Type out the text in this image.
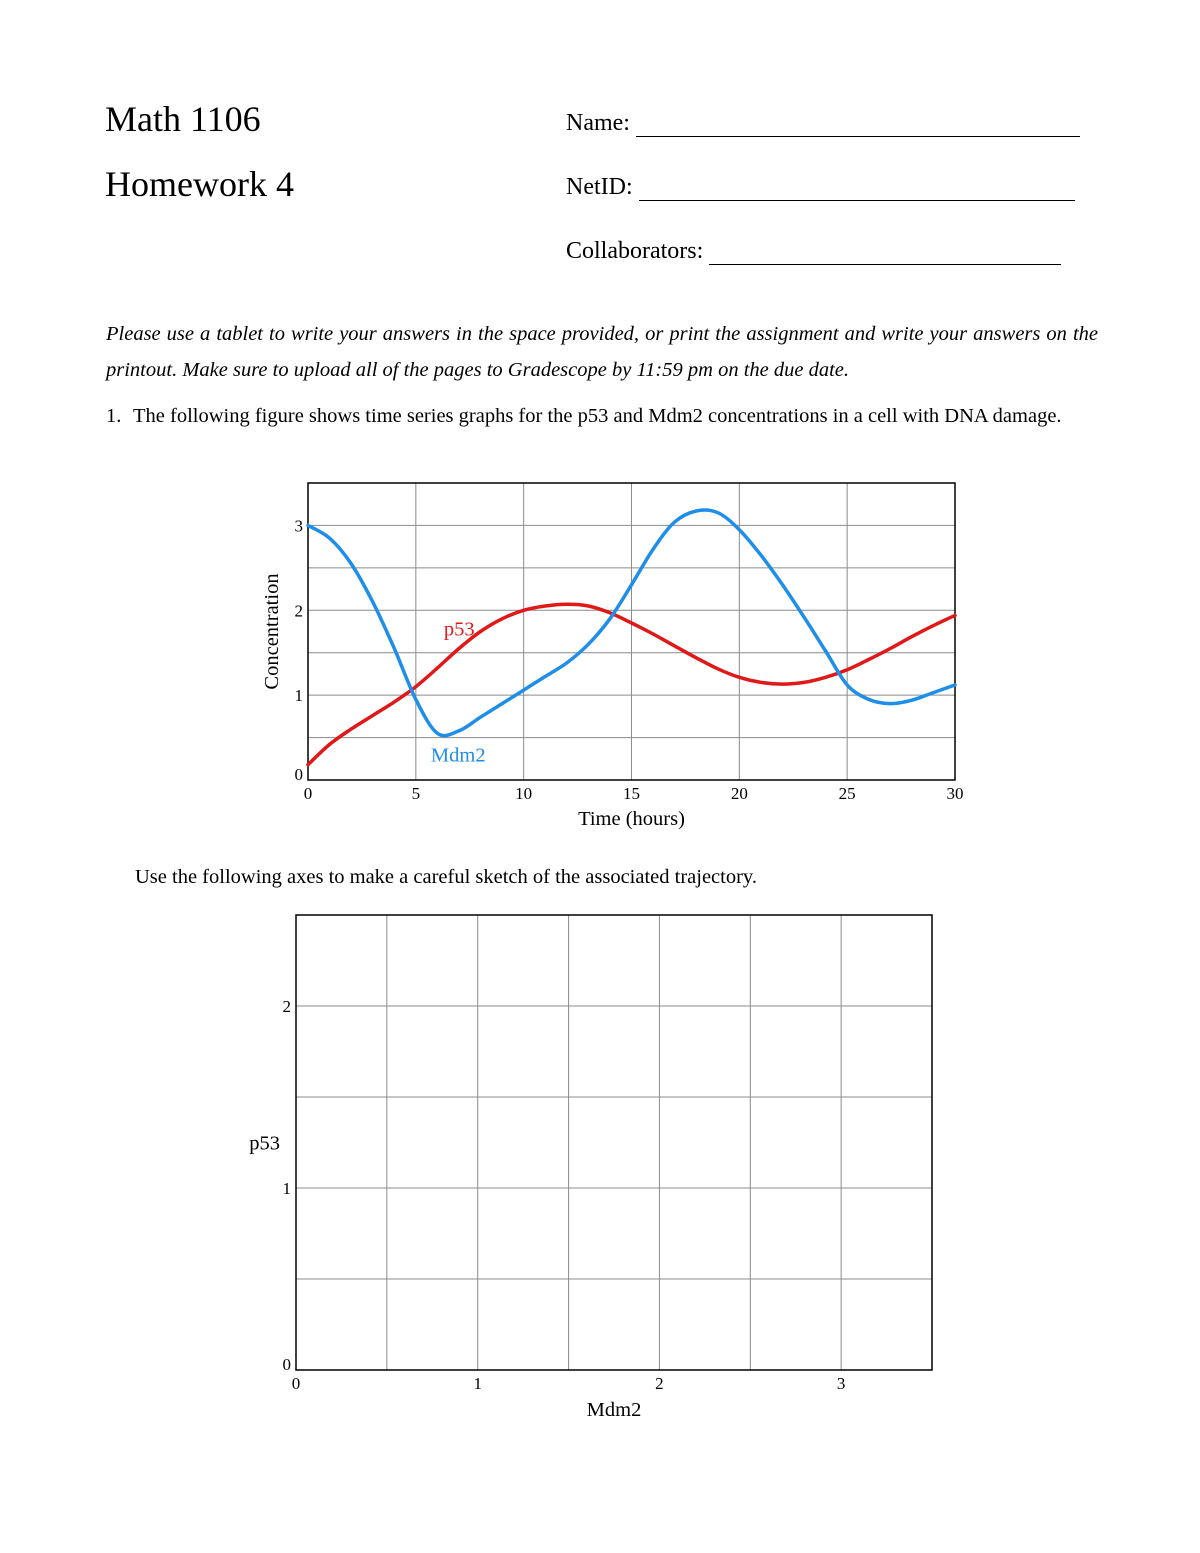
Math 1106
Homework 4
Name:
NetID:
Collaborators:
Please use a tablet to write your answers in the space provided, or print the assignment and write your answers on the printout. Make sure to upload all of the pages to Gradescope by 11:59 pm on the due date.
1. The following figure shows time series graphs for the p53 and Mdm2 concentrations in a cell with DNA damage.
0	5	10	15	20	25	30
0
1
2
3
Time (hours)
Concentration	p53
Mdm2
Use the following axes to make a careful sketch of the associated trajectory.
0	1	2	3
0
1
2
Mdm2
p53
